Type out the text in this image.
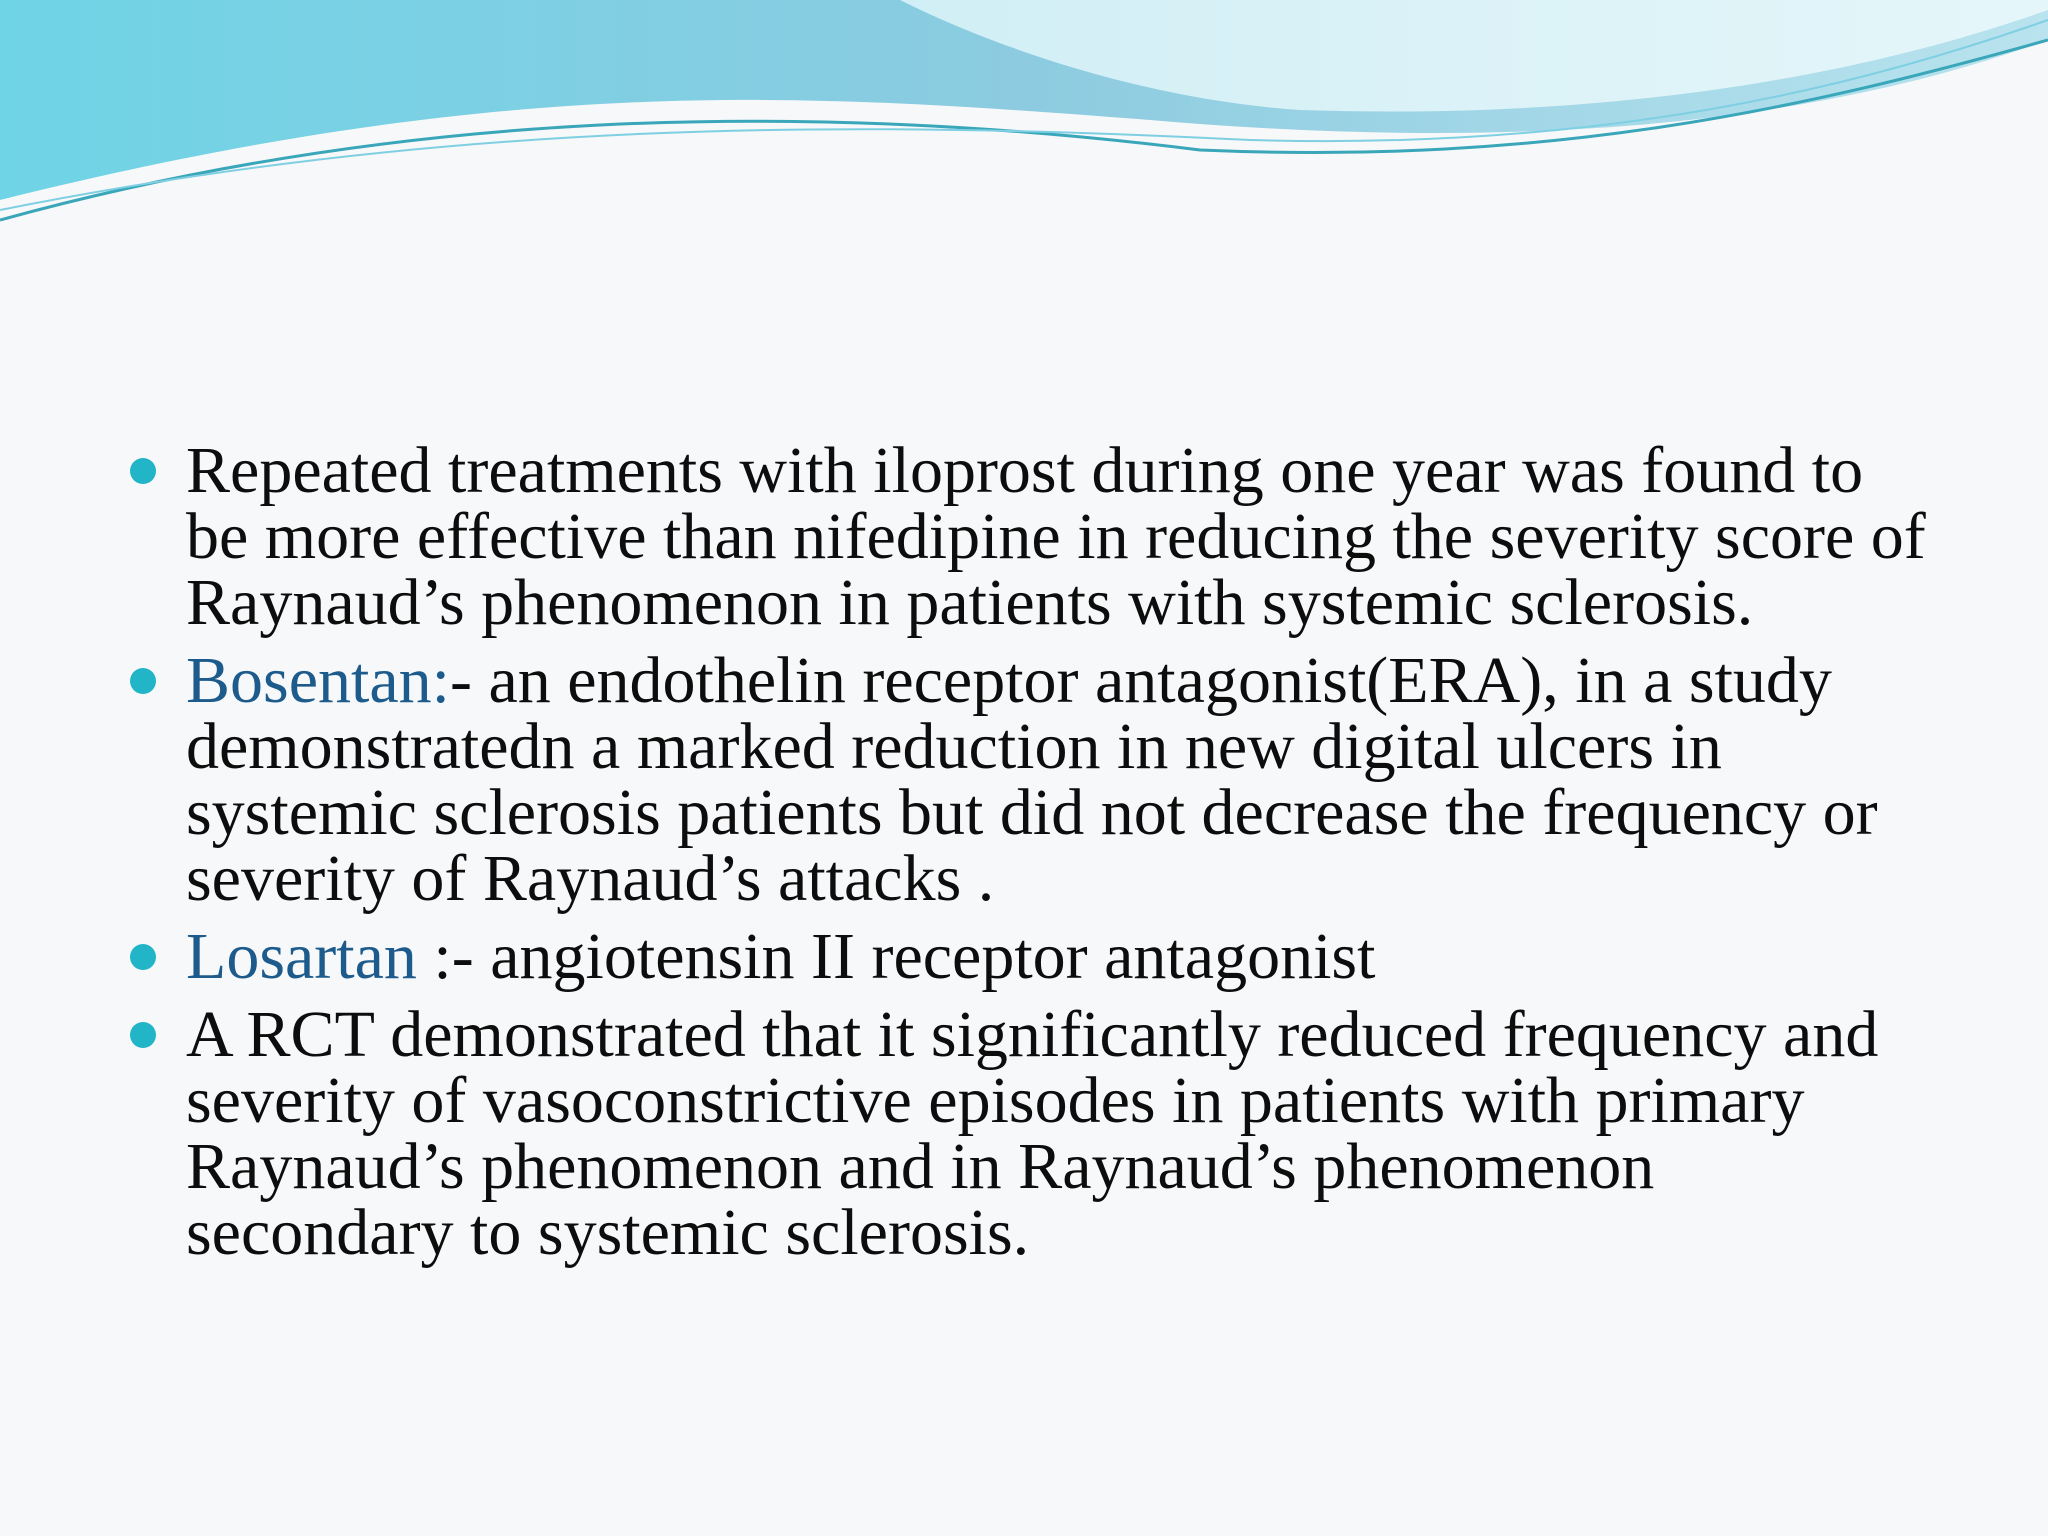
Repeated treatments with iloprost during one year was found to be more effective than nifedipine in reducing the severity score of Raynaud’s phenomenon in patients with systemic sclerosis.
Bosentan:- an endothelin receptor antagonist(ERA), in a study demonstratedn a marked reduction in new digital ulcers in systemic sclerosis patients but did not decrease the frequency or severity of Raynaud’s attacks .
Losartan :- angiotensin II receptor antagonist
A RCT demonstrated that it significantly reduced frequency and severity of vasoconstrictive episodes in patients with primary Raynaud’s phenomenon and in Raynaud’s phenomenon secondary to systemic sclerosis.
